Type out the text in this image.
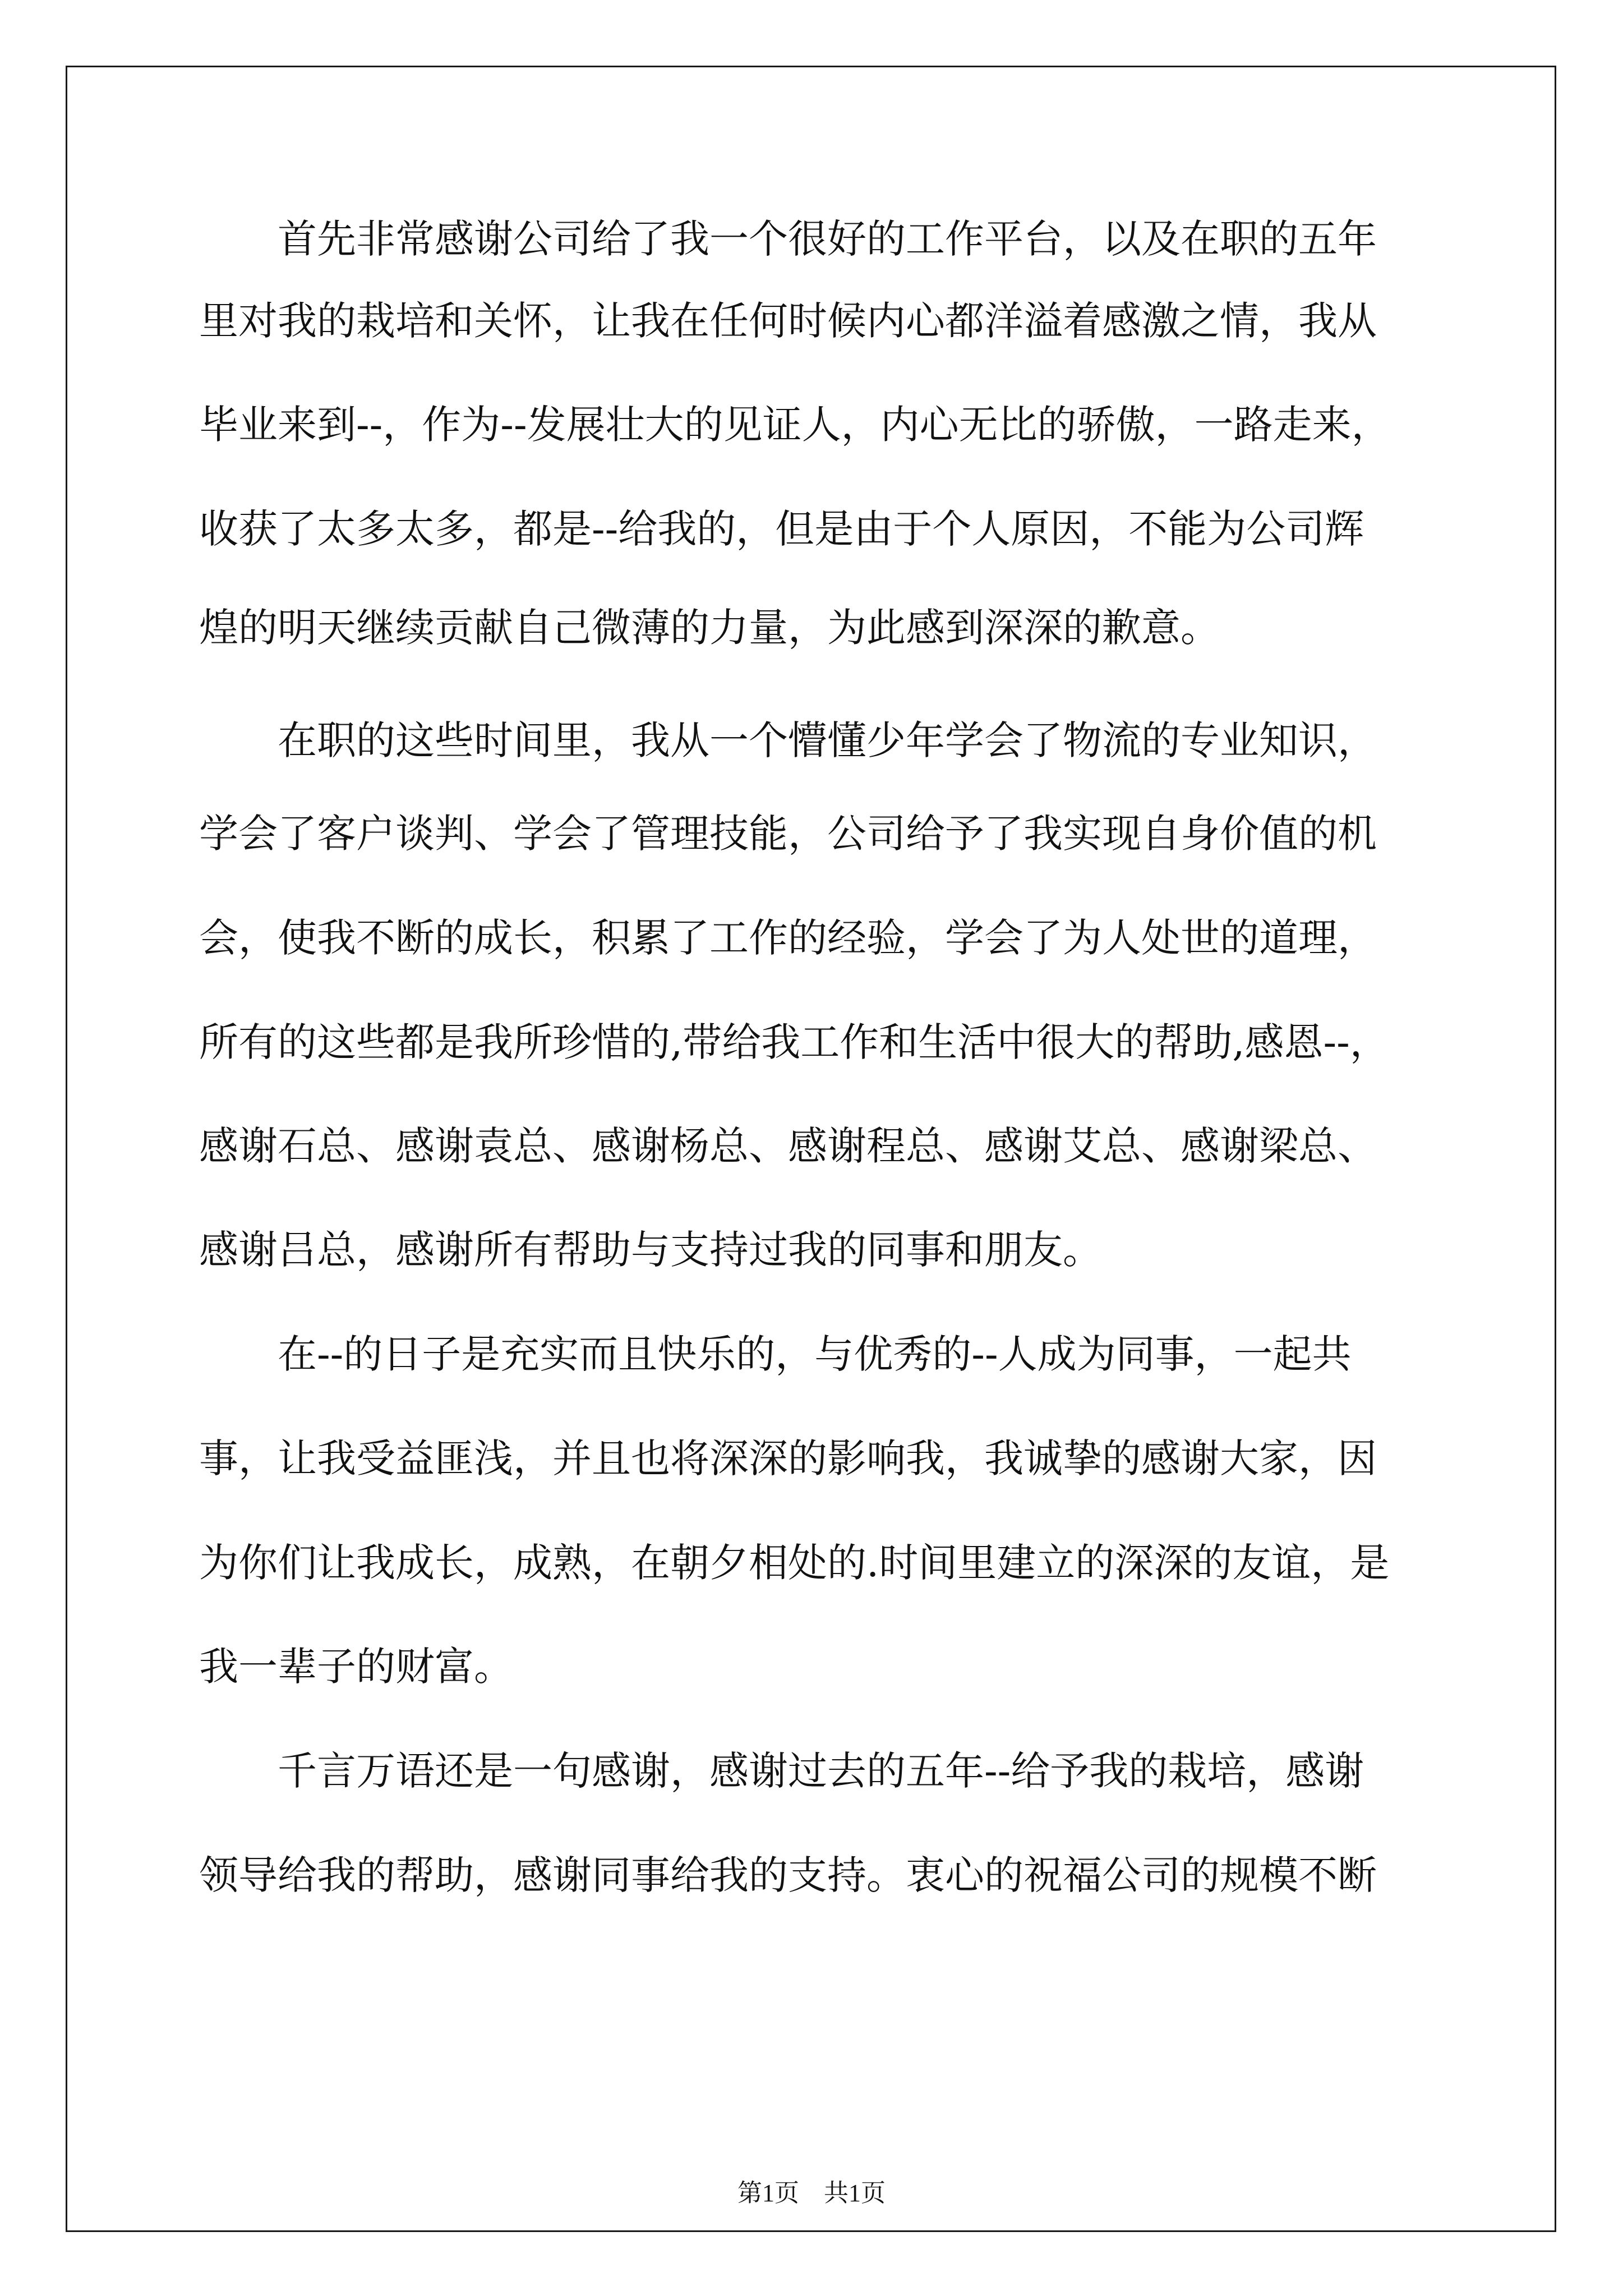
　　首先非常感谢公司给了我一个很好的工作平台，以及在职的五年

里对我的栽培和关怀，让我在任何时候内心都洋溢着感激之情，我从

毕业来到--，作为--发展壮大的见证人，内心无比的骄傲，一路走来，

收获了太多太多，都是--给我的，但是由于个人原因，不能为公司辉

煌的明天继续贡献自己微薄的力量，为此感到深深的歉意。

　　在职的这些时间里，我从一个懵懂少年学会了物流的专业知识，

学会了客户谈判、学会了管理技能，公司给予了我实现自身价值的机

会，使我不断的成长，积累了工作的经验，学会了为人处世的道理，

所有的这些都是我所珍惜的,带给我工作和生活中很大的帮助,感恩--，

感谢石总、感谢袁总、感谢杨总、感谢程总、感谢艾总、感谢梁总、

感谢吕总，感谢所有帮助与支持过我的同事和朋友。

　　在--的日子是充实而且快乐的，与优秀的--人成为同事，一起共

事，让我受益匪浅，并且也将深深的影响我，我诚挚的感谢大家，因

为你们让我成长，成熟，在朝夕相处的.时间里建立的深深的友谊，是

我一辈子的财富。

　　千言万语还是一句感谢，感谢过去的五年--给予我的栽培，感谢

领导给我的帮助，感谢同事给我的支持。衷心的祝福公司的规模不断

第1页　共1页
